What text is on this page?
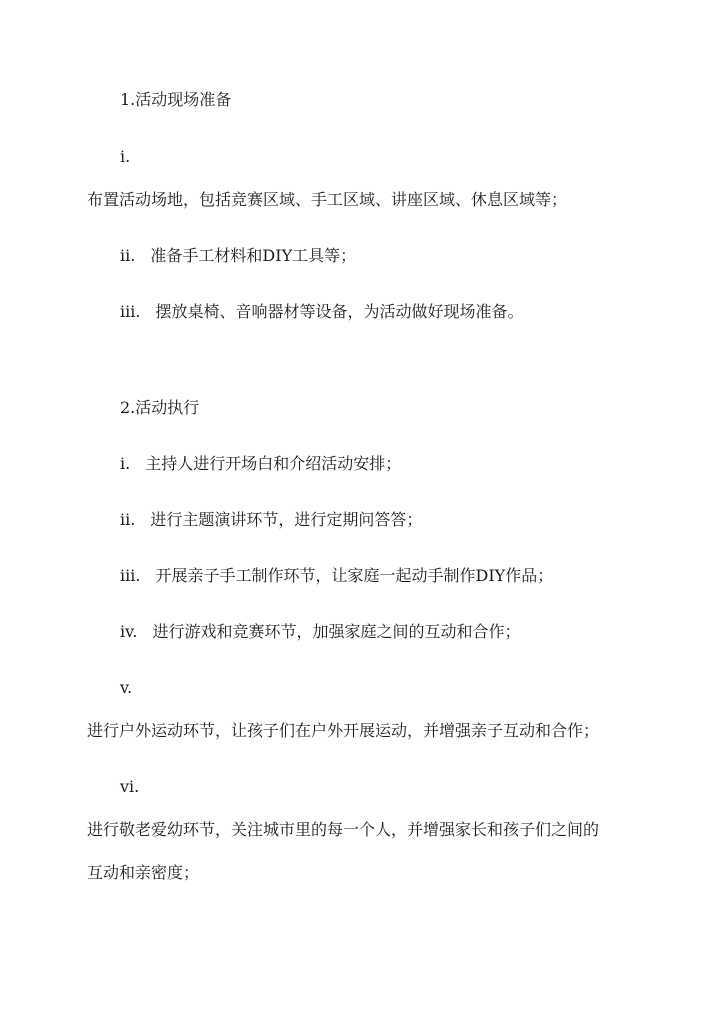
1.活动现场准备

i.

布置活动场地，包括竞赛区域、手工区域、讲座区域、休息区域等；

ii. 准备手工材料和DIY工具等；

iii. 摆放桌椅、音响器材等设备，为活动做好现场准备。

2.活动执行

i. 主持人进行开场白和介绍活动安排；

ii. 进行主题演讲环节，进行定期问答答；

iii. 开展亲子手工制作环节，让家庭一起动手制作DIY作品；

iv. 进行游戏和竞赛环节，加强家庭之间的互动和合作；

v.

进行户外运动环节，让孩子们在户外开展运动，并增强亲子互动和合作；

vi.

进行敬老爱幼环节，关注城市里的每一个人，并增强家长和孩子们之间的

互动和亲密度；
